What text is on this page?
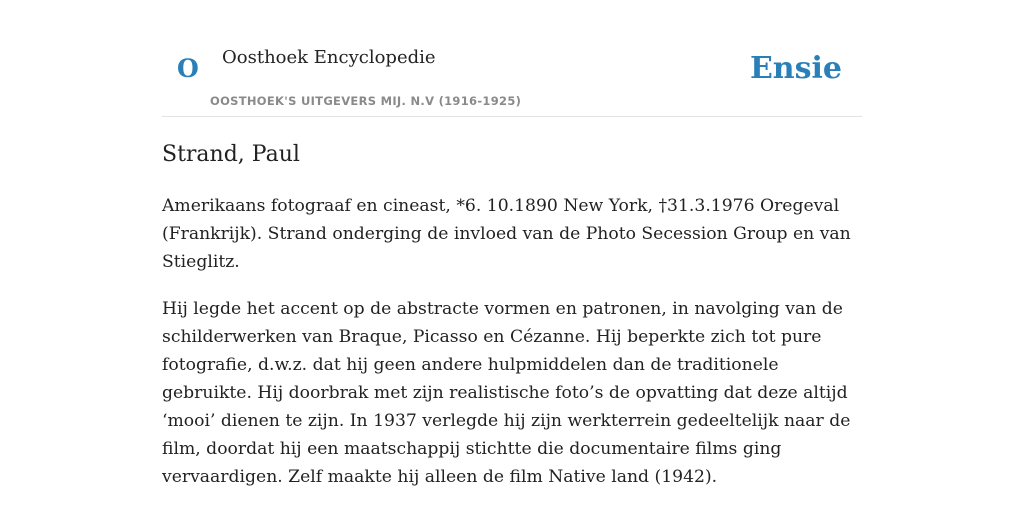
O Oosthoek Encyclopedie
OOSTHOEK'S UITGEVERS MIJ. N.V (1916-1925)
Ensie
Strand, Paul

Amerikaans fotograaf en cineast, *6. 10.1890 New York, †31.3.1976 Oregeval (Frankrijk). Strand onderging de invloed van de Photo Secession Group en van Stieglitz.

Hij legde het accent op de abstracte vormen en patronen, in navolging van de schilderwerken van Braque, Picasso en Cézanne. Hij beperkte zich tot pure fotografie, d.w.z. dat hij geen andere hulpmiddelen dan de traditionele gebruikte. Hij doorbrak met zijn realistische foto’s de opvatting dat deze altijd ‘mooi’ dienen te zijn. In 1937 verlegde hij zijn werkterrein gedeeltelijk naar de film, doordat hij een maatschappij stichtte die documentaire films ging vervaardigen. Zelf maakte hij alleen de film Native land (1942).
